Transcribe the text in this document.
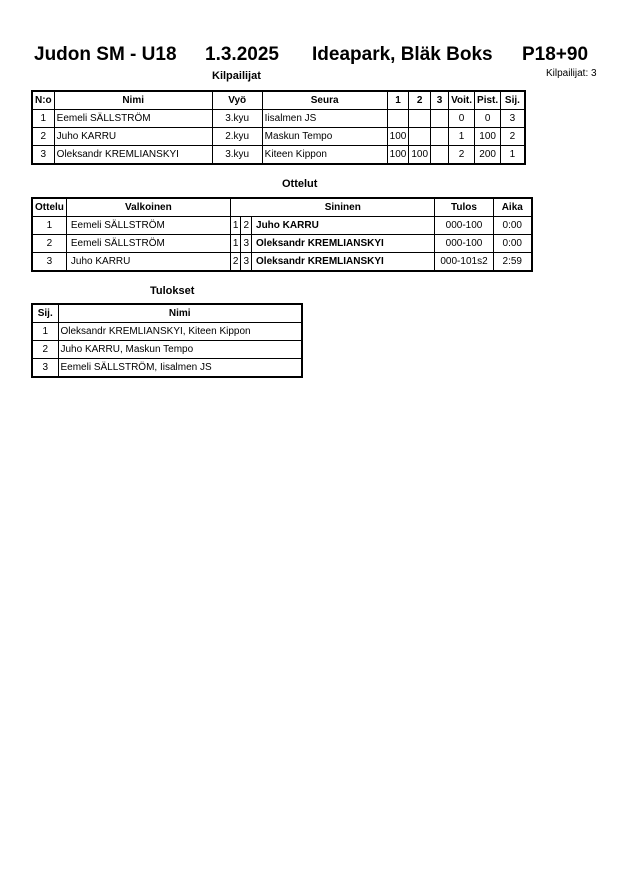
Judon SM - U18 1.3.2025 Ideapark, Bläk Boks P18+90
Kilpailijat	Kilpailijat: 3
N:o	Nimi	Vyö	Seura	1	2	3	Voit.	Pist.	Sij.
1	Eemeli SÄLLSTRÖM	3.kyu	Iisalmen JS				0	0	3
2	Juho KARRU	2.kyu	Maskun Tempo	100			1	100	2
3	Oleksandr KREMLIANSKYI	3.kyu	Kiteen Kippon	100	100		2	200	1
Ottelut
Ottelu	Valkoinen			Sininen	Tulos	Aika
1	Eemeli SÄLLSTRÖM	1	2	Juho KARRU	000-100	0:00
2	Eemeli SÄLLSTRÖM	1	3	Oleksandr KREMLIANSKYI	000-100	0:00
3	Juho KARRU	2	3	Oleksandr KREMLIANSKYI	000-101s2	2:59
Tulokset
Sij.	Nimi
1	Oleksandr KREMLIANSKYI, Kiteen Kippon
2	Juho KARRU, Maskun Tempo
3	Eemeli SÄLLSTRÖM, Iisalmen JS
